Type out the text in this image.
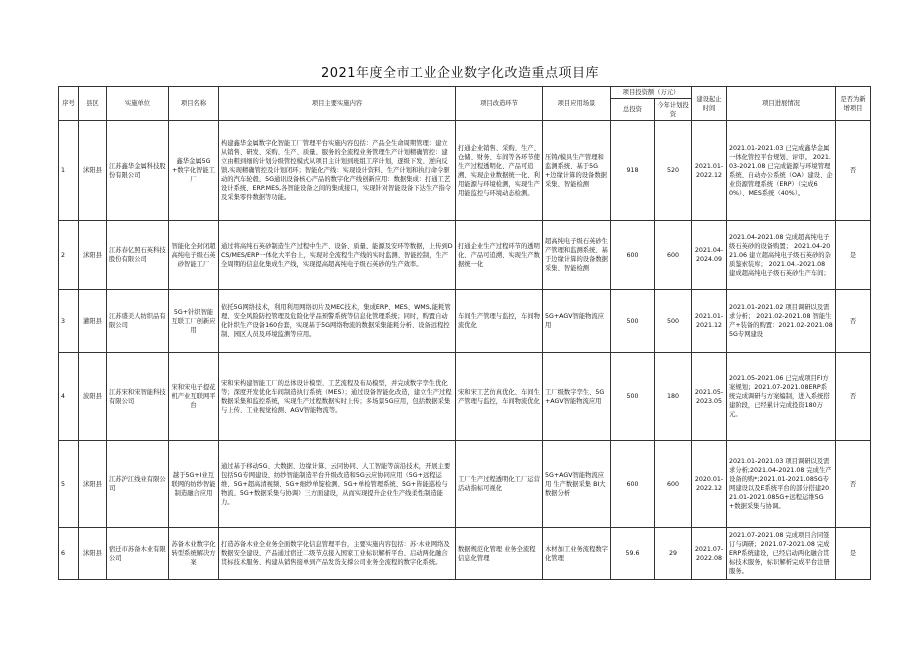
2021年度全市工业企业数字化改造重点项目库
序号	县区	实施单位	项目名称	项目主要实施内容	项目改造环节	项目应用场景	项目投资额（万元）		建设起止时间	项目进展情况	是否为新增项目
							总投资	今年计划投资			
1	沭阳县	江苏鑫华金属科技股份有限公司	鑫华金属5G+数字化智能工厂	构建鑫华金属数字化智能工厂管理平台实施内容包括：产品全生命周期管理：建立从销售、研发、采购、生产、质量、服务的全流程业务管理生产计划精确管控：建立由粗到细的计划分级管控模式从项目主计划到班组工序计划，逐级下发、逆向反馈,实现精确管控及计划闭环；智能化产线：实现设计资料、生产计划和执行命令驱动的汽车轮毂、5G通讯设备核心产品的数字化产线创新应用：数据集成：打通工艺设计系统、ERP.MES,各智能设备之间的集成接口，实现针对智能设备下达生产指令及采集零件数据等功能。	打通企业销售、采购、生产、仓储、财务、车间等各环节使生产过程透明化、产品可追溯、实现企业数据统一化、利用能源与环境检测，实现生产用能监控与环境动态检测。	压铸/模具生产管理和监测系统、基于5G+边缘计算的设备数据采集、智能检测	918	520	2021.01-2022.12	2021.01-2021.03 已完成鑫华金属一体化管控平台规划、评审。 2021.03-2021.08 已完成能源与环境管理系统、自动办公系统（OA）建设、企业资源管理系统（ERP）（完成60%）、MES系统（40%）。	否
2	沭阳县	江苏春亿照石英科技股份有限公司	智能化全封闭超高纯电子级石英砂智能工厂	通过将高纯石英砂制造生产过程中生产、设备、质量、能源及安环等数据，上传到DCS/MES/ERP一体化大平台上，实现对全流程生产线的实时监测、智能控制，生产全周期的信息化集成生产线，实现提高超高纯电子级石英砂的生产效率。	打通企业生产过程环节的透明化、产品可追溯、实现生产数据统一化	超高纯电子级石英砂生产管理和监测系统、基于边缘计算的设备数据采集、智能检测	600	600	2021.04-2024.09	2021.04-2021.08 完成超高纯电子级石英砂的设备购置； 2021.04-2021.06 建立超高纯电子级石英砂的杂质鉴索装库； 2021.04.-2021.08 建成超高纯电子级石英砂生产车间；	是
3	灌阳县	江苏盛美人纺织品有限公司	5G+针织智能互联工厂创新应用	依托5G网络技术，利用利用网络切片及MEC技术，集成ERP、MES、WMS,能耗管理、安全风险防控管理及危险化学品预警系统等信息化管理系统；同时，购置自动化针织生产设备160台套，实现基于5G网络物流的数据采集能耗分析、设备远程控制、园区人员及环境监测等应用。	车间生产管理与监控，车间物流优化	5G+AGV智能物流应用	500	500	2021.01-2021.12	2021.01-2021.02 项目调研以及需求分析； 2021.02-2021.08 智能生产+装备的购置：2021.02-2021.085G专网建设	否
4	波阳县	江苏宋和宋智能科技有限公司	宋和宋电子提花机产业互联网平台	宋和宋构建智能工厂的总体设计模型、工艺流程及布局模型，并完成数字孪生优化等；深度开发优化车间制造执行系统（MES）；通过设备智能化改造，建立生产过程数据采集和监控系统，实现生产过程数据实时上传；多场景5G应用，包括数据采集与上传、工业视觉检测、AGV智能物流等。	宋和宋工艺仿真优化、车间生产管理与监控，车间物流优化	工厂级数字孪生、5G+AGV智能物流应用	500	180	2021.05-2023.05	2021.05-2021.06 已完成项目FI方案规划；2021.07-2021.08ERP系统完成调研与方案编制，进入系统搭建阶段，已经累计完成投资180万元。	否
5	沭阳县	江苏沪江线业有限公司	越于5G+I业互联网的纺纱智能制造融合应用	通过基于移动5G、大数据、边缘计算、云同协同、人工智能等前沿技术，开展主要包括5G专网建设、纺纱智能制造平台升级改造和5G云应协同应用（5G+远程运维、5G+超高清视频、5G+细纱单锭检测、5G+单检管理系统、5G+皆能巡检与物流、5G+数据采集与协调）三方面建设，从而实现提升企业生产线柔性制造能力。	工厂生产过程透明化工厂运营活动指标可视化	5G+AGV智能物流应用 生产数据采集 BI大数据分析	600	600	2020.01-2022.12	2021.01-2021.03 项目调研以及需求分析;2021.04-2021.08 完成生产设备的购*;2021.01-2021.085G专网建设以及E系统平台的部分搭建2021.01-2021.085G+远程运维5G+数据采集与协调。	否
6	沭阳县	宿迁市苏备木业有限公司	苏备木业数字化转型系统解决方案	打造苏备木业全业务全面数字化信息管理平台，主要实施内容包括：苏·木业网络及数据安全建设、产品通过宿迁二级节点接入国家工业标识解析平台、启动两化融合贯标技术服务、构建从销售接单到产品发货支撑公司业务全流程的数字化系统。	数据规范化管理 业务全流程信息化管理	木材加工业务流程数字化管理	59.6	29	2021.07-2022.08	2021.07-2021.08 完成项目合同签订与调研；2021.07-2021.08 完成ERP系统建设，已经启动两化融合贯标技术服务，标识解析完成平台注册服务。	是
